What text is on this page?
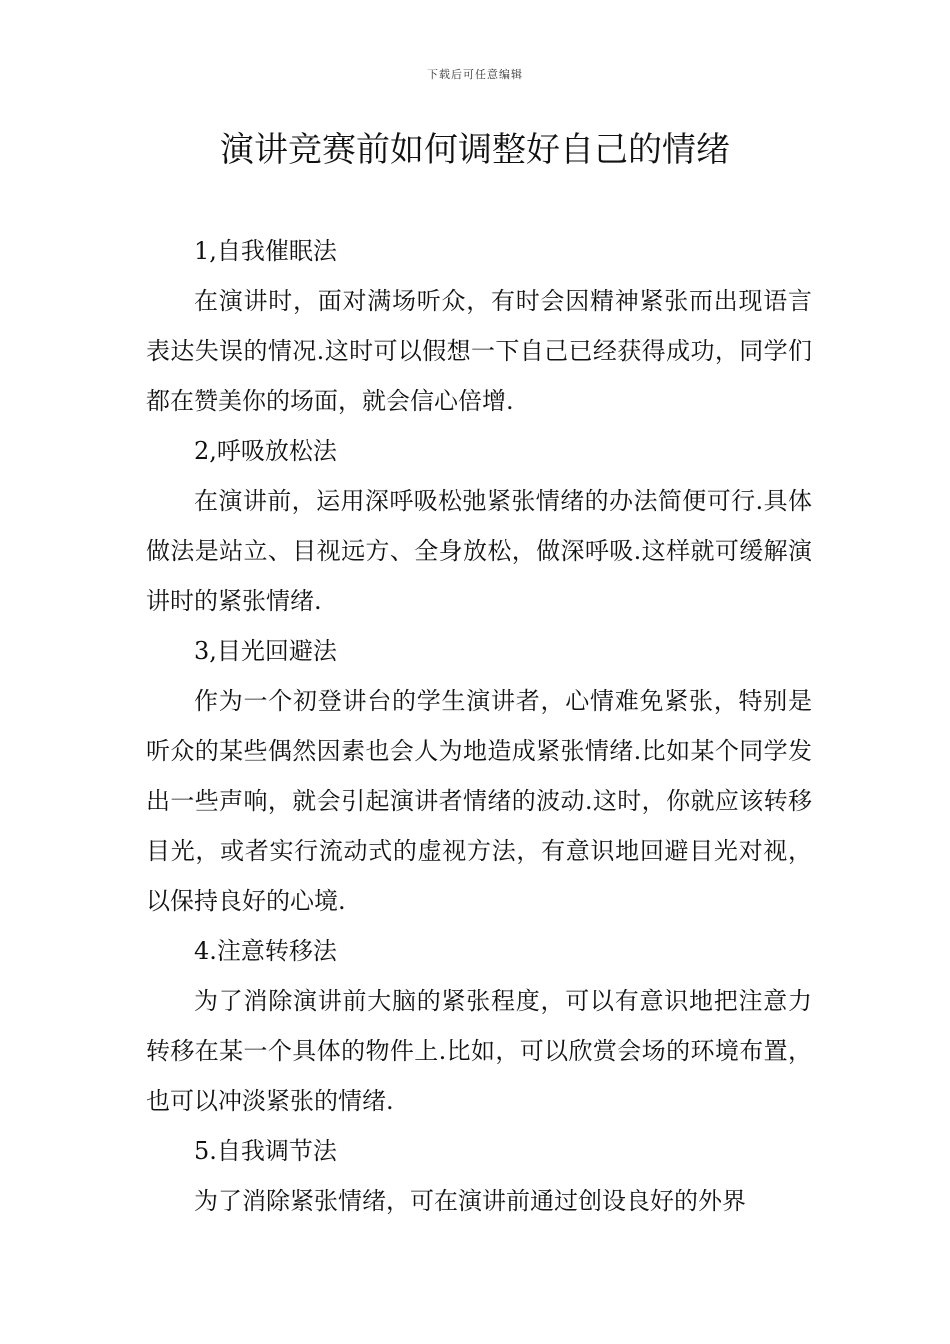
下载后可任意编辑
演讲竞赛前如何调整好自己的情绪

1,自我催眠法

在演讲时，面对满场听众，有时会因精神紧张而出现语言表达失误的情况.这时可以假想一下自己已经获得成功，同学们都在赞美你的场面，就会信心倍增.

2,呼吸放松法

在演讲前，运用深呼吸松弛紧张情绪的办法简便可行.具体做法是站立、目视远方、全身放松，做深呼吸.这样就可缓解演讲时的紧张情绪.

3,目光回避法

作为一个初登讲台的学生演讲者，心情难免紧张，特别是听众的某些偶然因素也会人为地造成紧张情绪.比如某个同学发出一些声响，就会引起演讲者情绪的波动.这时，你就应该转移目光，或者实行流动式的虚视方法，有意识地回避目光对视，以保持良好的心境.

4.注意转移法

为了消除演讲前大脑的紧张程度，可以有意识地把注意力转移在某一个具体的物件上.比如，可以欣赏会场的环境布置，也可以冲淡紧张的情绪.

5.自我调节法

为了消除紧张情绪，可在演讲前通过创设良好的外界
